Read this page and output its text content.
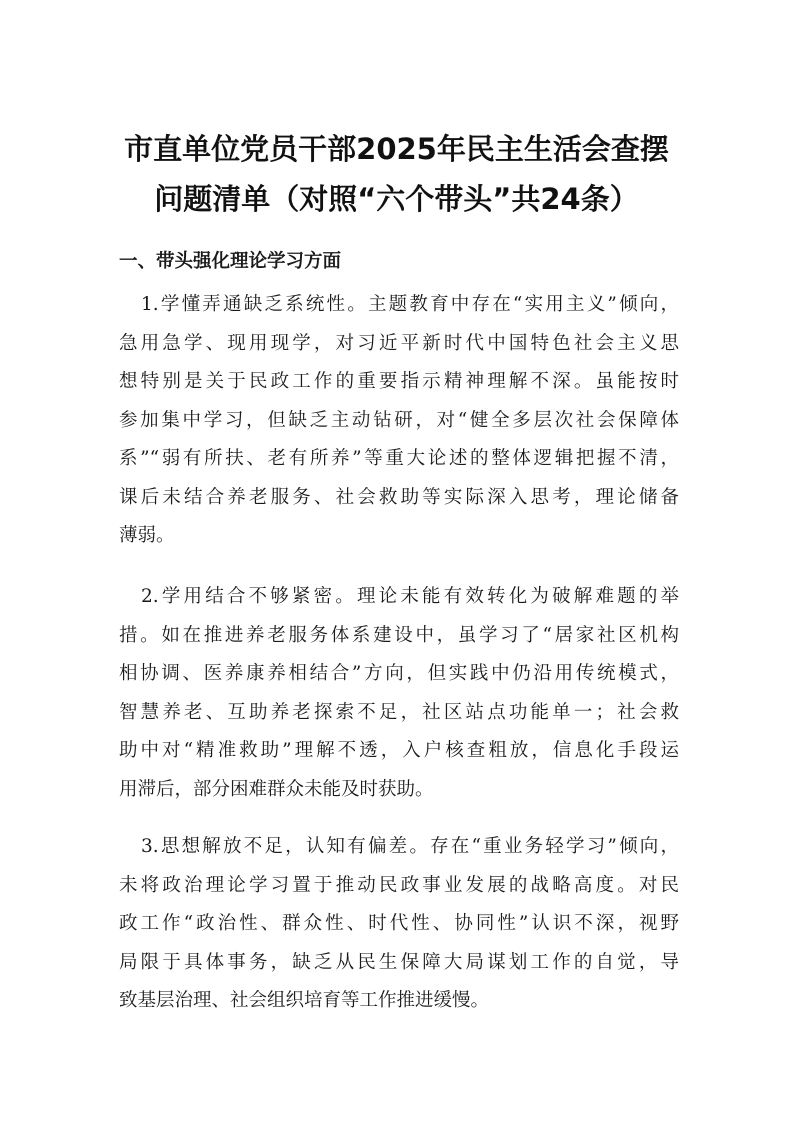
市直单位党员干部2025年民主生活会查摆
问题清单（对照“六个带头”共24条）
一、带头强化理论学习方面
1.学懂弄通缺乏系统性。主题教育中存在“实用主义”倾向，
急用急学、现用现学，对习近平新时代中国特色社会主义思
想特别是关于民政工作的重要指示精神理解不深。虽能按时
参加集中学习，但缺乏主动钻研，对“健全多层次社会保障体
系”“弱有所扶、老有所养”等重大论述的整体逻辑把握不清，
课后未结合养老服务、社会救助等实际深入思考，理论储备
薄弱。
2.学用结合不够紧密。理论未能有效转化为破解难题的举
措。如在推进养老服务体系建设中，虽学习了“居家社区机构
相协调、医养康养相结合”方向，但实践中仍沿用传统模式，
智慧养老、互助养老探索不足，社区站点功能单一；社会救
助中对“精准救助”理解不透，入户核查粗放，信息化手段运
用滞后，部分困难群众未能及时获助。
3.思想解放不足，认知有偏差。存在“重业务轻学习”倾向，
未将政治理论学习置于推动民政事业发展的战略高度。对民
政工作“政治性、群众性、时代性、协同性”认识不深，视野
局限于具体事务，缺乏从民生保障大局谋划工作的自觉，导
致基层治理、社会组织培育等工作推进缓慢。
